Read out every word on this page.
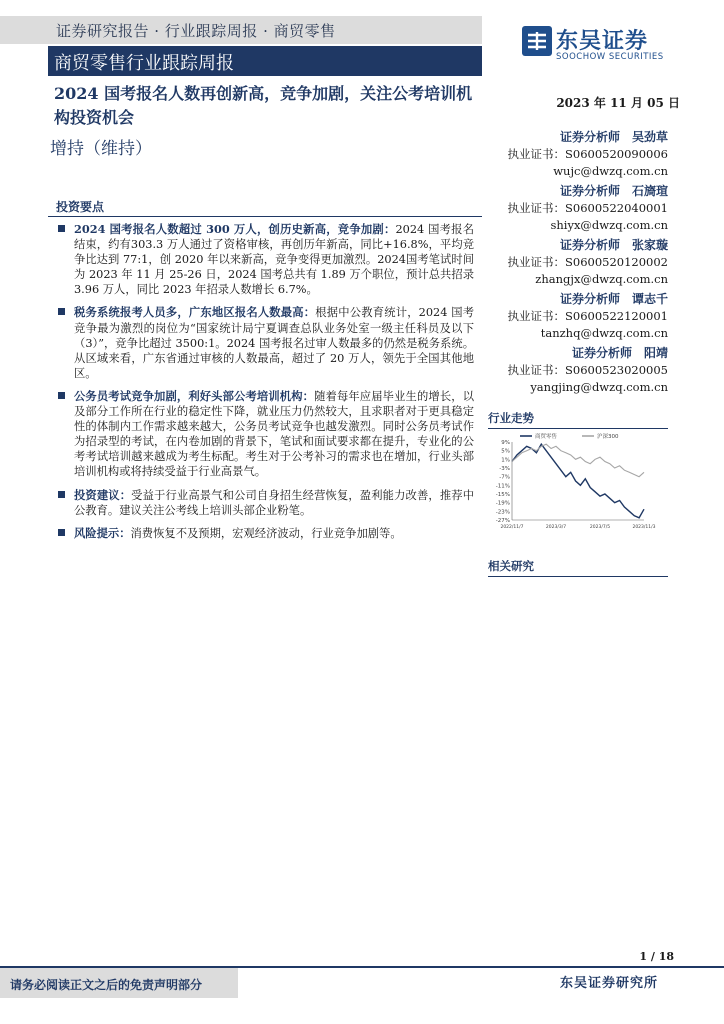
证券研究报告 · 行业跟踪周报 · 商贸零售
商贸零售行业跟踪周报
东吴证券
SOOCHOW SECURITIES
2024 国考报名人数再创新高，竞争加剧，关注公考培训机构投资机会
2023 年 11 月 05 日
增持（维持）
证券分析师 吴劲草
执业证书：S0600520090006
wujc@dwzq.com.cn
证券分析师 石旖瑄
执业证书：S0600522040001
shiyx@dwzq.com.cn
证券分析师 张家璇
执业证书：S0600520120002
zhangjx@dwzq.com.cn
证券分析师 谭志千
执业证书：S0600522120001
tanzhq@dwzq.com.cn
证券分析师 阳靖
执业证书：S0600523020005
yangjing@dwzq.com.cn
投资要点
2024 国考报名人数超过 300 万人，创历史新高，竞争加剧：2024 国考报名结束，约有303.3 万人通过了资格审核，再创历年新高，同比+16.8%，平均竞争比达到 77:1，创 2020 年以来新高，竞争变得更加激烈。2024国考笔试时间为 2023 年 11 月 25-26 日，2024 国考总共有 1.89 万个职位，预计总共招录 3.96 万人，同比 2023 年招录人数增长 6.7%。
税务系统报考人员多，广东地区报名人数最高：根据中公教育统计，2024 国考竞争最为激烈的岗位为“国家统计局宁夏调查总队业务处室一级主任科员及以下（3）”，竞争比超过 3500:1。2024 国考报名过审人数最多的仍然是税务系统。从区域来看，广东省通过审核的人数最高，超过了 20 万人，领先于全国其他地区。
公务员考试竞争加剧，利好头部公考培训机构：随着每年应届毕业生的增长，以及部分工作所在行业的稳定性下降，就业压力仍然较大，且求职者对于更具稳定性的体制内工作需求越来越大，公务员考试竞争也越发激烈。同时公务员考试作为招录型的考试，在内卷加剧的背景下，笔试和面试要求都在提升，专业化的公考考试培训越来越成为考生标配。考生对于公考补习的需求也在增加，行业头部培训机构或将持续受益于行业高景气。
投资建议：受益于行业高景气和公司自身招生经营恢复，盈利能力改善，推荐中公教育。建议关注公考线上培训头部企业粉笔。
风险提示：消费恢复不及预期，宏观经济波动，行业竞争加剧等。
行业走势
9%
5%
1%
-3%
-7%
-11%
-15%
-19%
-23%
-27%
2022/11/7	2023/3/7	2023/7/5	2023/11/3
商贸零售	沪深300
相关研究
1 / 18
请务必阅读正文之后的免责声明部分	东吴证券研究所
